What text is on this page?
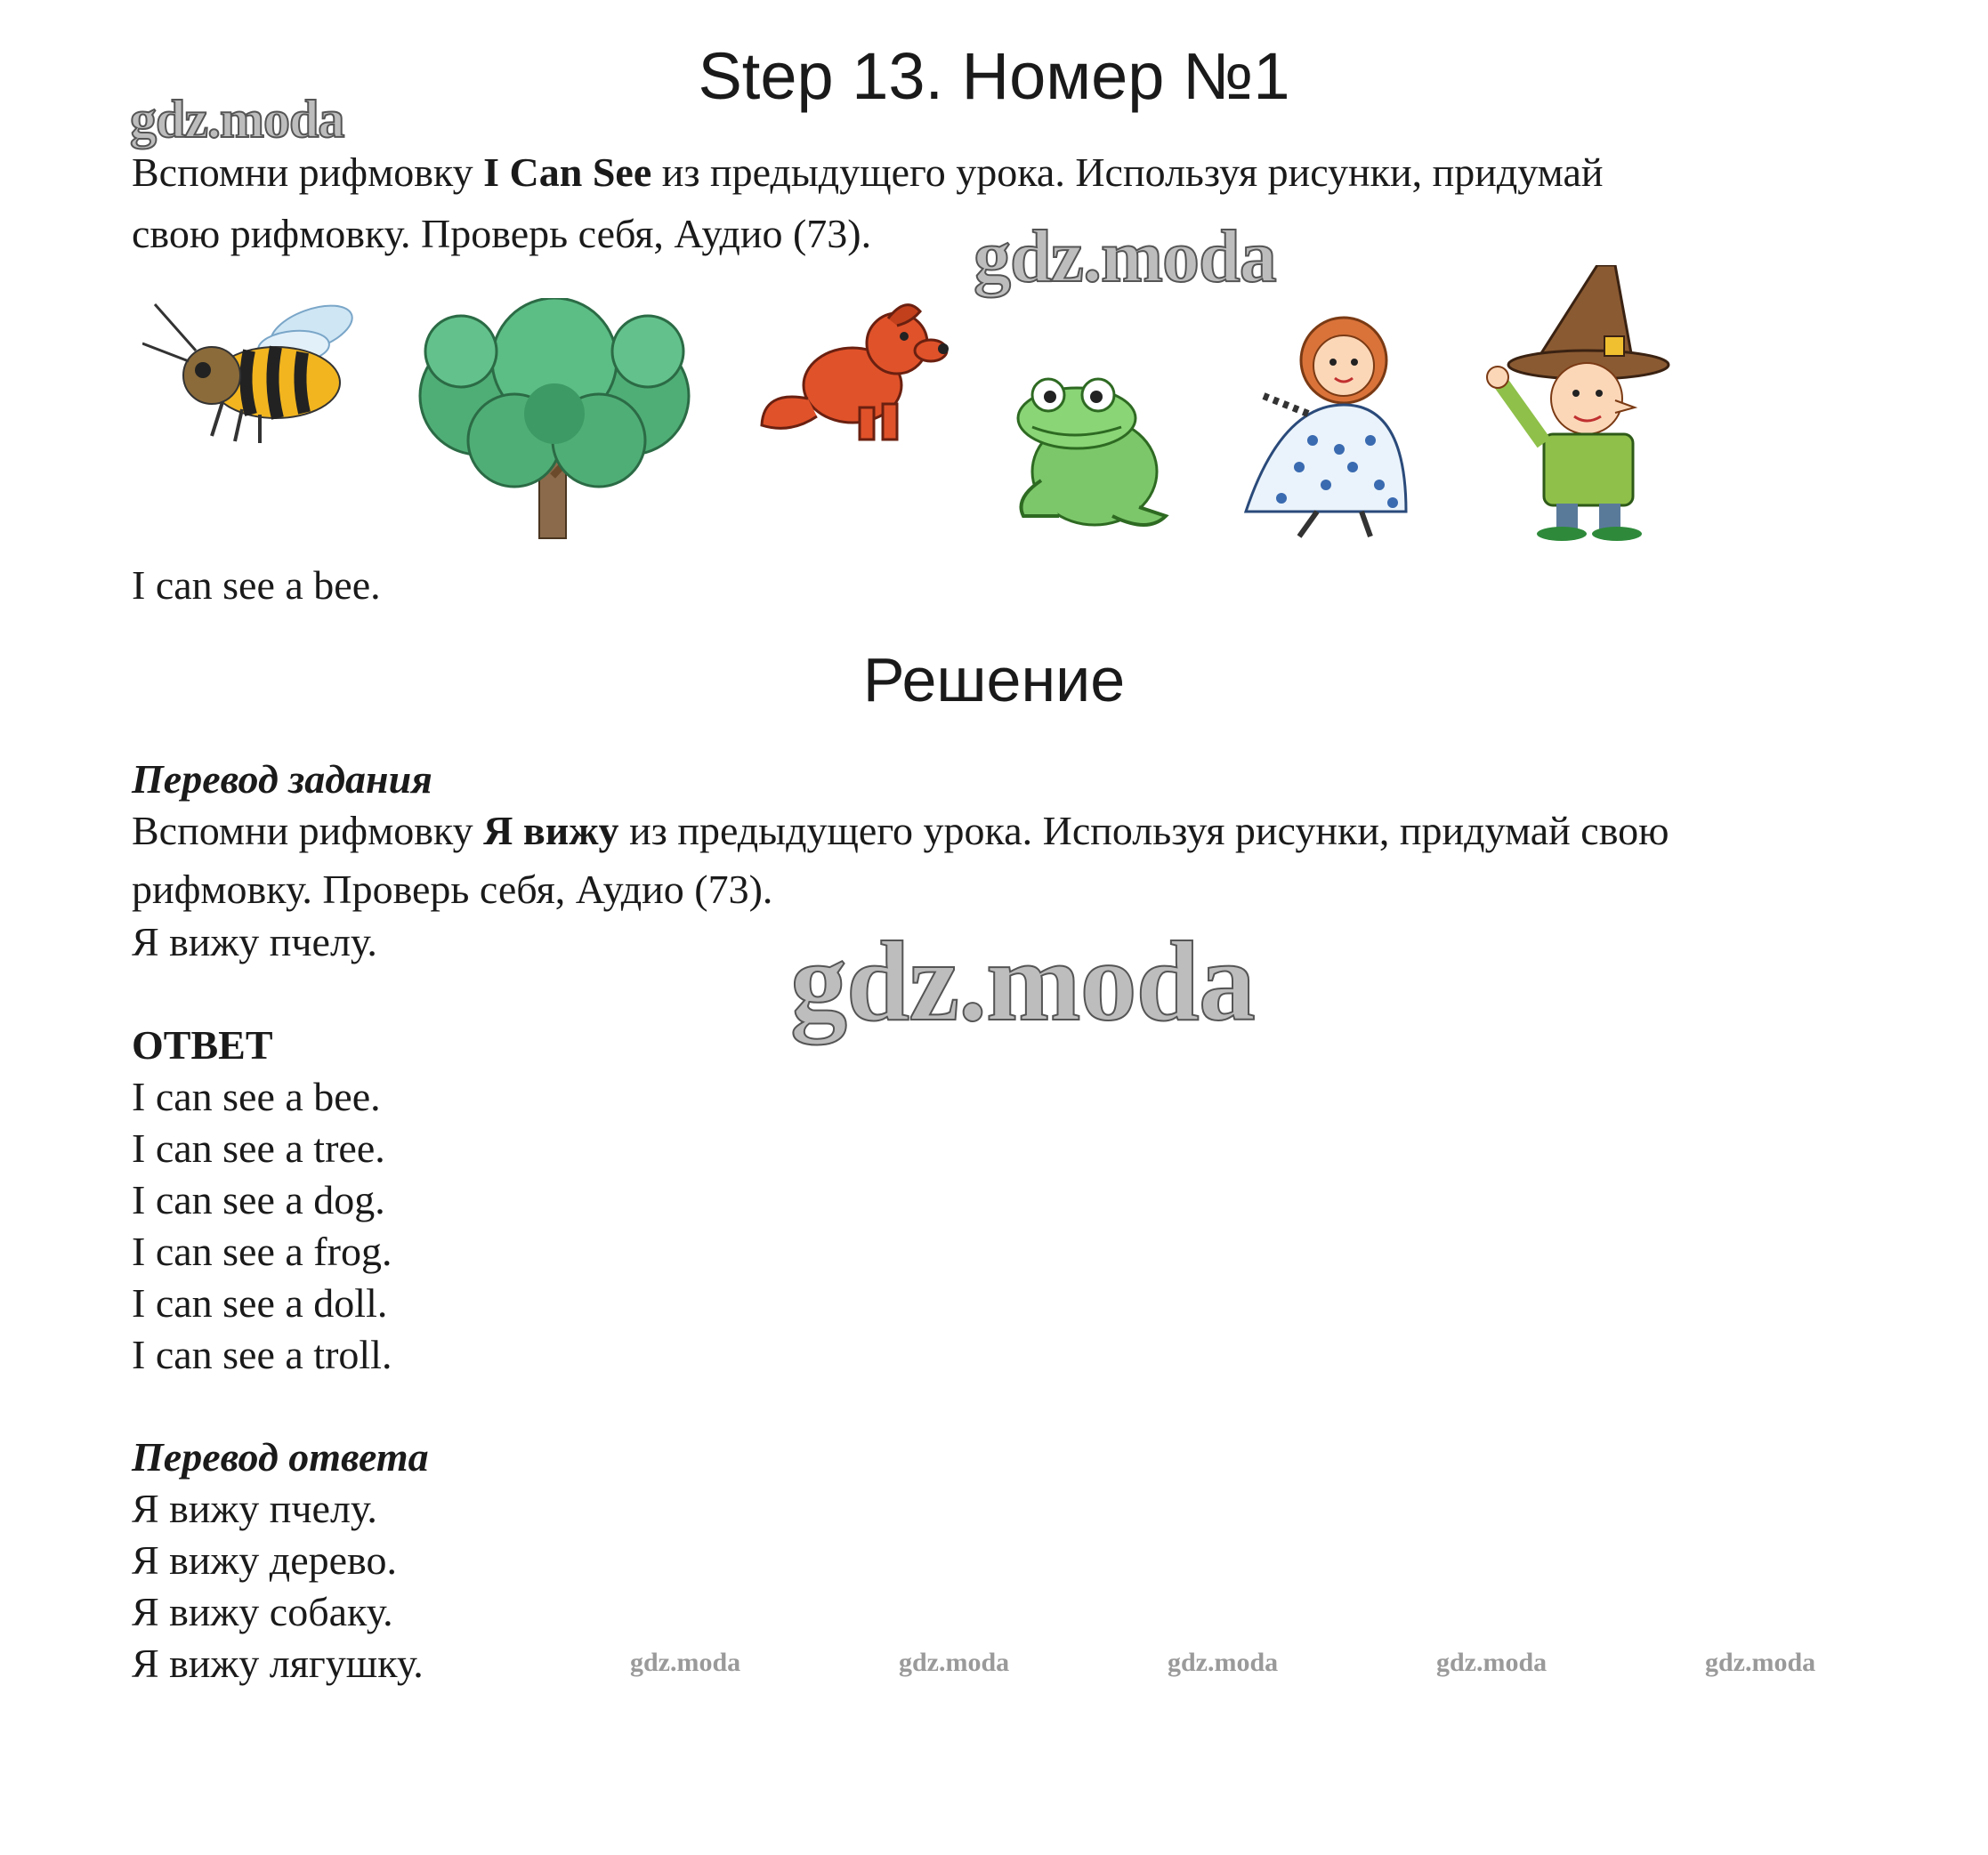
Step 13. Номер №1
gdz.moda
Вспомни рифмовку I Can See из предыдущего урока. Используя рисунки, придумай
свою рифмовку. Проверь себя, Аудио (73). gdz.moda
I can see a bee.
Решение
Перевод задания
Вспомни рифмовку Я вижу из предыдущего урока. Используя рисунки, придумай свою
рифмовку. Проверь себя, Аудио (73).
Я вижу пчелу.	gdz.moda
ОТВЕТ
I can see a bee.
I can see a tree.
I can see a dog.
I can see a frog.
I can see a doll.
I can see a troll.
Перевод ответа
Я вижу пчелу.
Я вижу дерево.
Я вижу собаку.
Я вижу лягушку.	gdz.moda	gdz.moda	gdz.moda	gdz.moda	gdz.moda
